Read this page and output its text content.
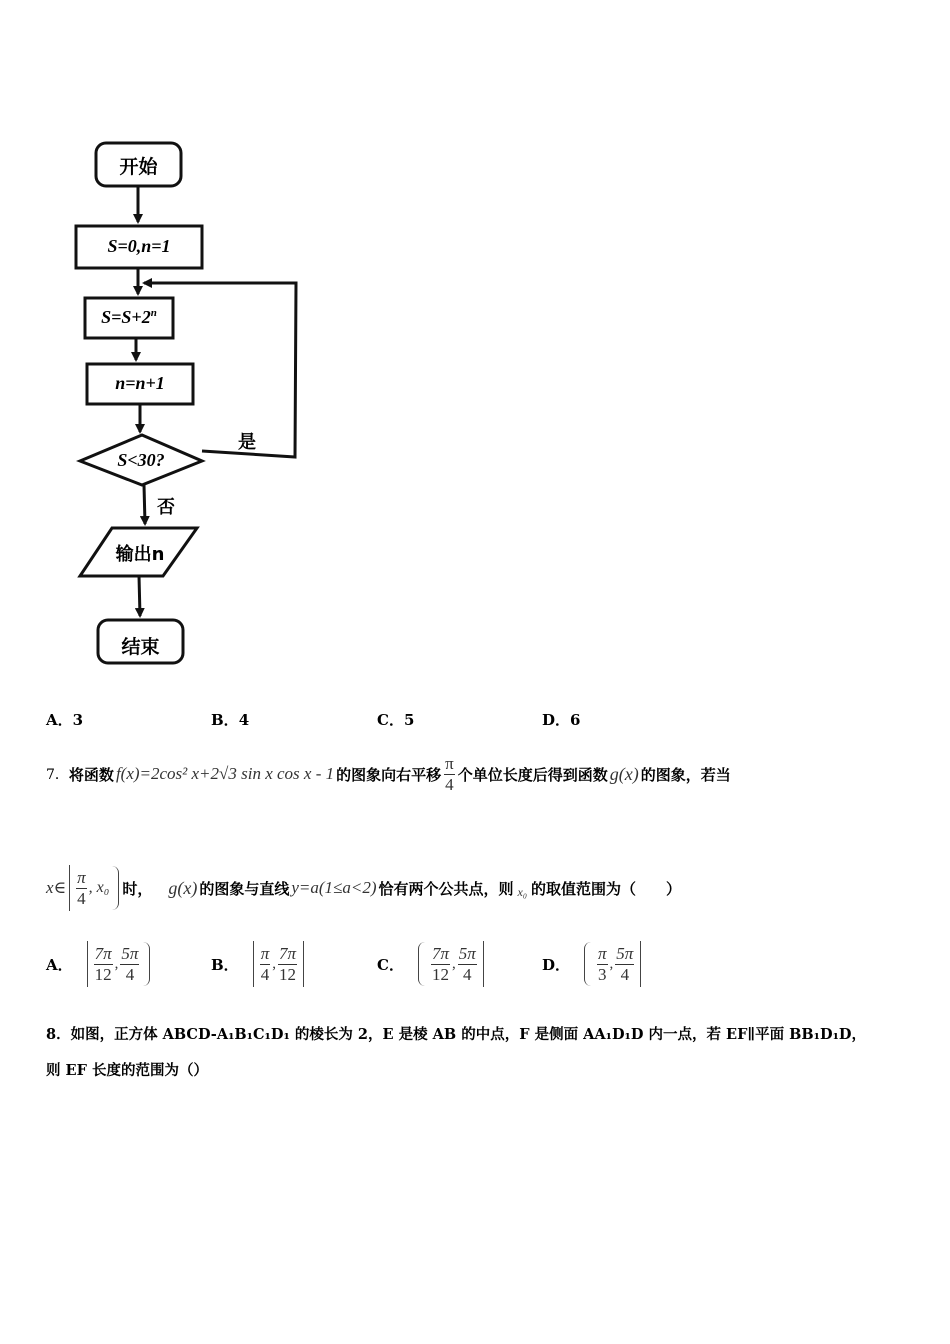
开始
S=0,n=1
$S=S+2^n$
n=n+1
S<30?
是
否
输出n
结束
A．3	B．4	C．5	D．6
7． 将函数 f(x)=2cos² x+2√3 sin x cos x - 1 的图象向右平移 $\frac{\pi}{4}$ 个单位长度后得到函数 g(x) 的图象，若当
x∈ $\frac{\pi}{4}$ , x₀ 时， g(x) 的图象与直线 y=a(1≤a<2) 恰有两个公共点，则 x₀ 的取值范围为（　　）
A． $\frac{7\pi}{12}$ , $\frac{5\pi}{4}$	B． $\frac{\pi}{4}$ , $\frac{7\pi}{12}$	C． $\frac{7\pi}{12}$ , $\frac{5\pi}{4}$	D． $\frac{\pi}{3}$ , $\frac{5\pi}{4}$
8．如图，正方体 ABCD-A₁B₁C₁D₁ 的棱长为 2，E 是棱 AB 的中点，F 是侧面 AA₁D₁D 内一点，若 EF∥平面 BB₁D₁D，
则 EF 长度的范围为（）
